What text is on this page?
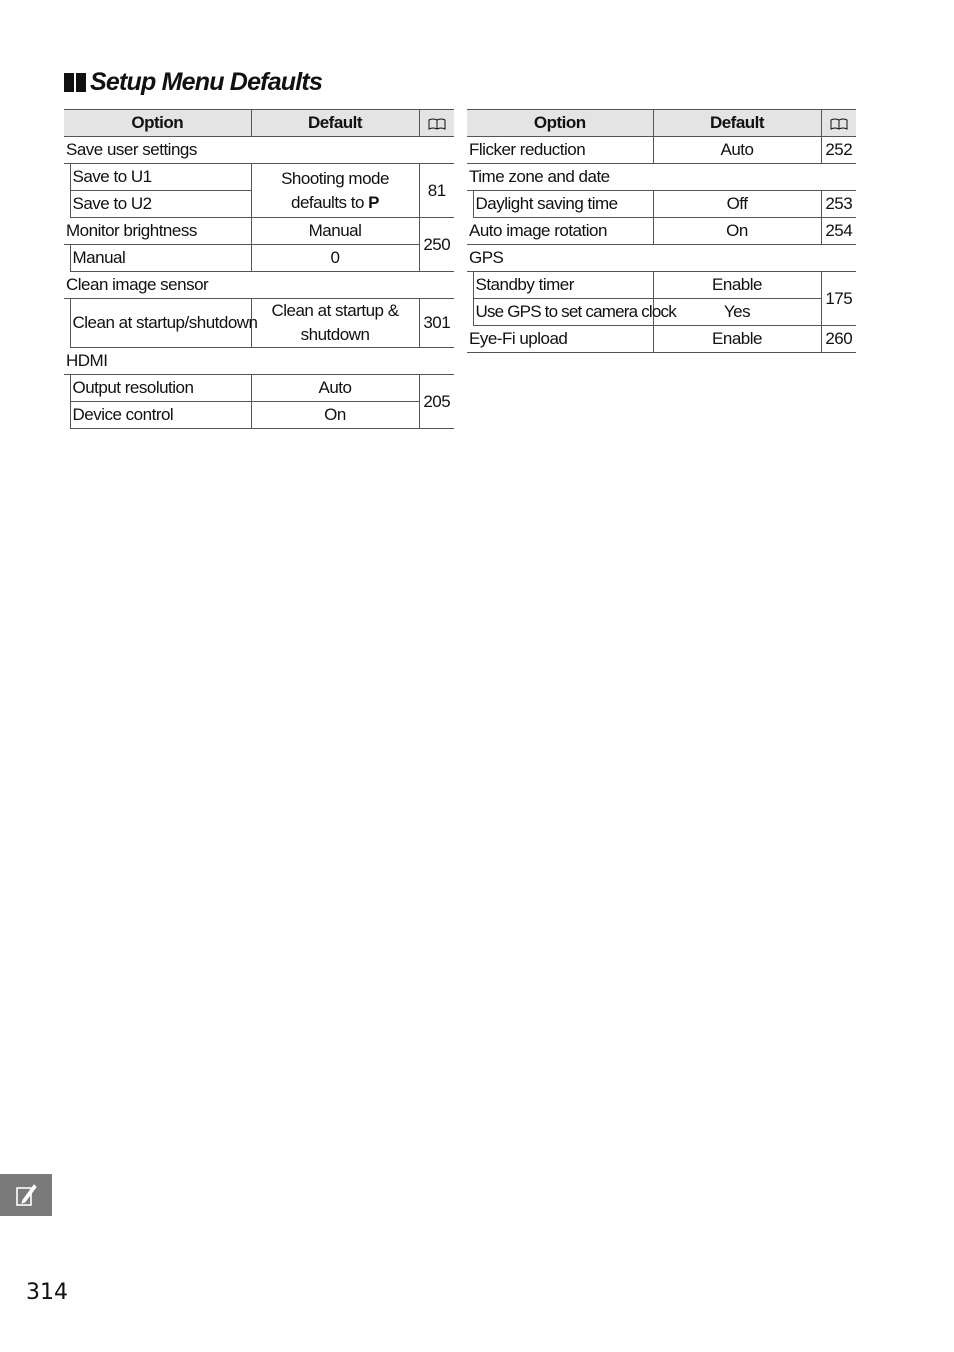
Setup Menu Defaults
Option		Default	
Save user settings			
	Save to U1	Shooting mode
defaults to P	81
	Save to U2		
Monitor brightness		Manual	250
	Manual	0	
Clean image sensor			
	Clean at startup/shutdown	Clean at startup &
shutdown	301
HDMI			
	Output resolution	Auto	205
	Device control	On	
Option		Default	
Flicker reduction		Auto	252
Time zone and date			
	Daylight saving time	Off	253
Auto image rotation		On	254
GPS			
	Standby timer	Enable	175
	Use GPS to set camera clock	Yes	
Eye-Fi upload		Enable	260

314
